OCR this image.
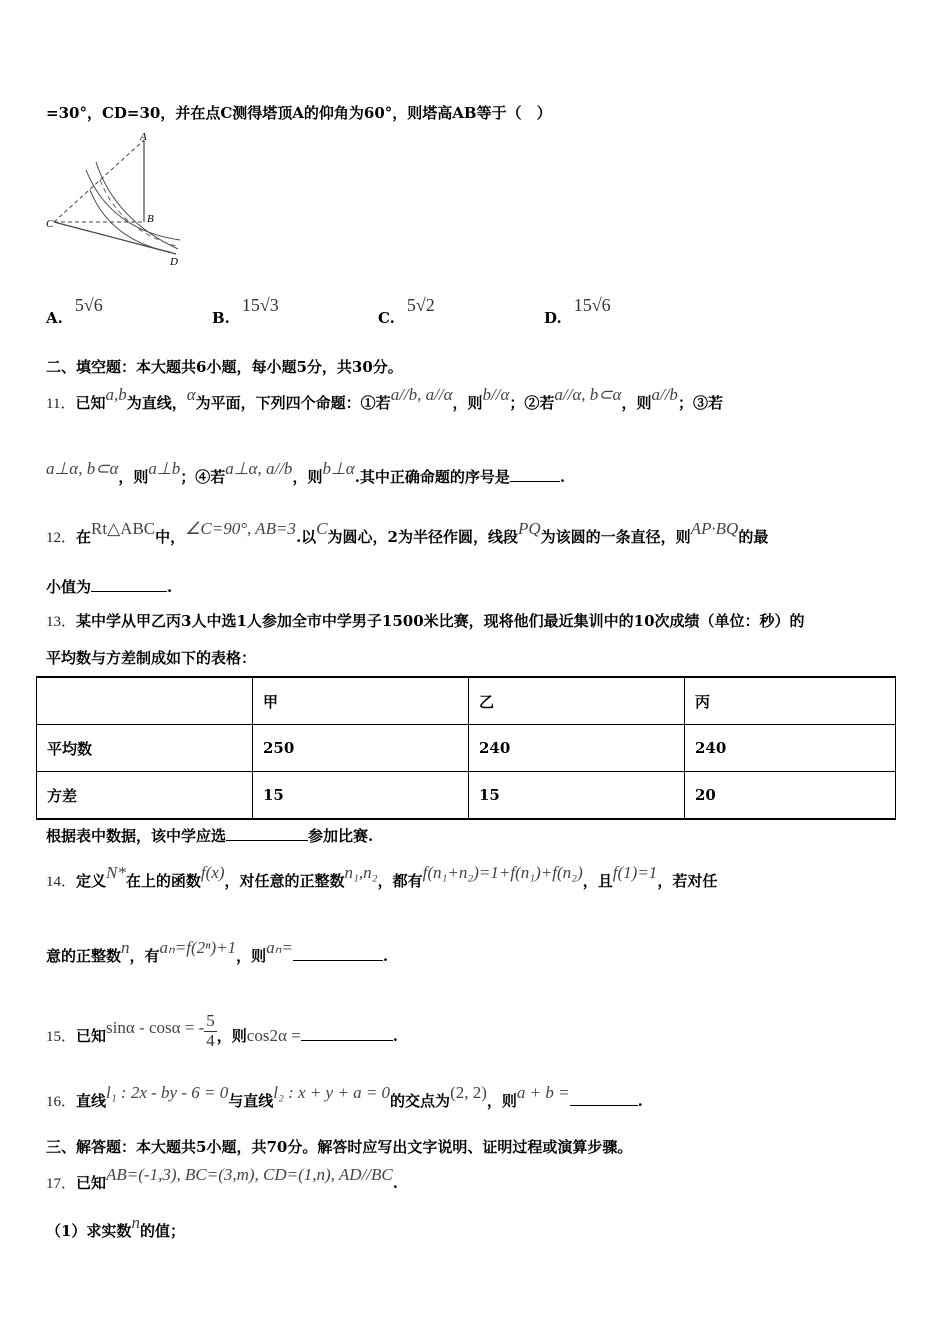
=30°，CD=30，并在点C测得塔顶A的仰角为60°，则塔高AB等于（　）
A
B
C
D
A.5√6
B.15√3
C.5√2
D.15√6
二、填空题：本大题共6小题，每小题5分，共30分。
11．已知a,b为直线，α为平面，下列四个命题：①若a//b, a//α，则b//α；②若a//α, b⊂α，则a//b；③若
a⊥α, b⊂α，则a⊥b；④若a⊥α, a//b，则b⊥α.其中正确命题的序号是	.
12．在Rt△ABC中，∠C=90°, AB=3.以C为圆心，2为半径作圆，线段PQ为该圆的一条直径，则AP·BQ的最
小值为	.
13．某中学从甲乙丙3人中选1人参加全市中学男子1500米比赛，现将他们最近集训中的10次成绩（单位：秒）的
平均数与方差制成如下的表格：
	甲	乙	丙
平均数	250	240	240
方差	15	15	20
根据表中数据，该中学应选	参加比赛.
14．定义N*在上的函数f(x)，对任意的正整数n₁,n₂，都有f(n₁+n₂)=1+f(n₁)+f(n₂)，且f(1)=1，若对任
意的正整数n，有aₙ=f(2ⁿ)+1，则aₙ=	.
15．已知sinα - cosα = - $\frac{5}{4}$ ，则cos2α =	.
16．直线l₁ : 2x - by - 6 = 0与直线l₂ : x + y + a = 0的交点为(2, 2)，则a + b =	.
三、解答题：本大题共5小题，共70分。解答时应写出文字说明、证明过程或演算步骤。
17．已知AB=(-1,3), BC=(3,m), CD=(1,n), AD//BC.
（1）求实数n的值；
